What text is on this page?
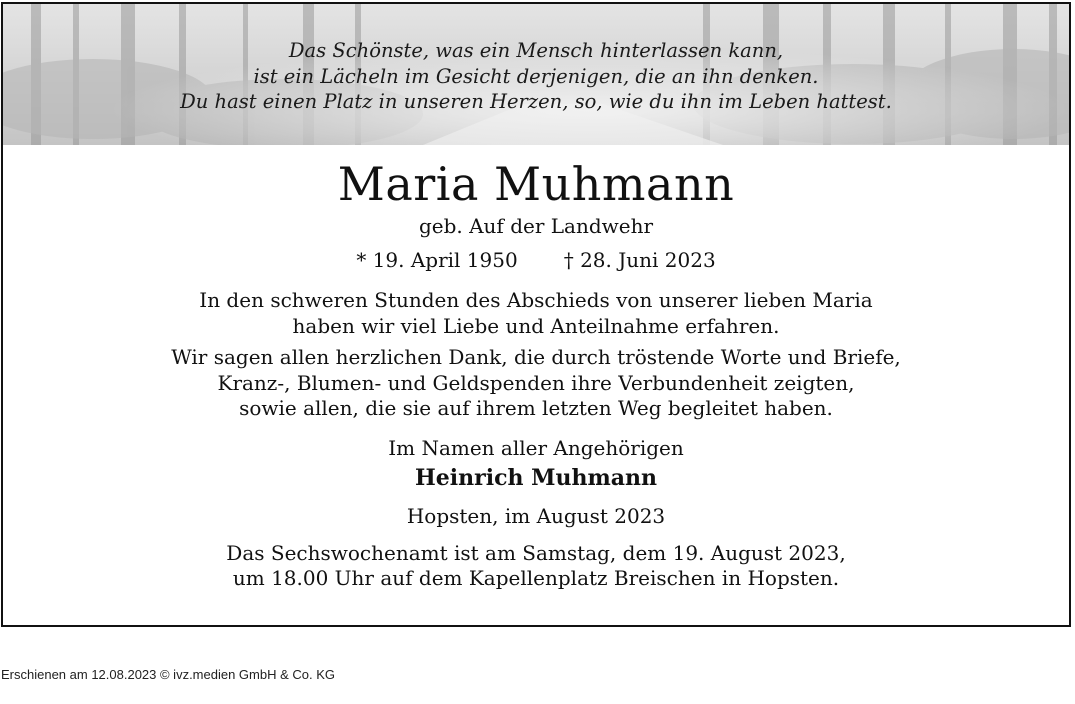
Das Schönste, was ein Mensch hinterlassen kann,
ist ein Lächeln im Gesicht derjenigen, die an ihn denken.
Du hast einen Platz in unseren Herzen, so, wie du ihn im Leben hattest.
Maria Muhmann
geb. Auf der Landwehr
* 19. April 1950 † 28. Juni 2023
In den schweren Stunden des Abschieds von unserer lieben Maria
haben wir viel Liebe und Anteilnahme erfahren.
Wir sagen allen herzlichen Dank, die durch tröstende Worte und Briefe,
Kranz-, Blumen- und Geldspenden ihre Verbundenheit zeigten,
sowie allen, die sie auf ihrem letzten Weg begleitet haben.
Im Namen aller Angehörigen
Heinrich Muhmann
Hopsten, im August 2023
Das Sechswochenamt ist am Samstag, dem 19. August 2023,
um 18.00 Uhr auf dem Kapellenplatz Breischen in Hopsten.
Erschienen am 12.08.2023 © ivz.medien GmbH & Co. KG
